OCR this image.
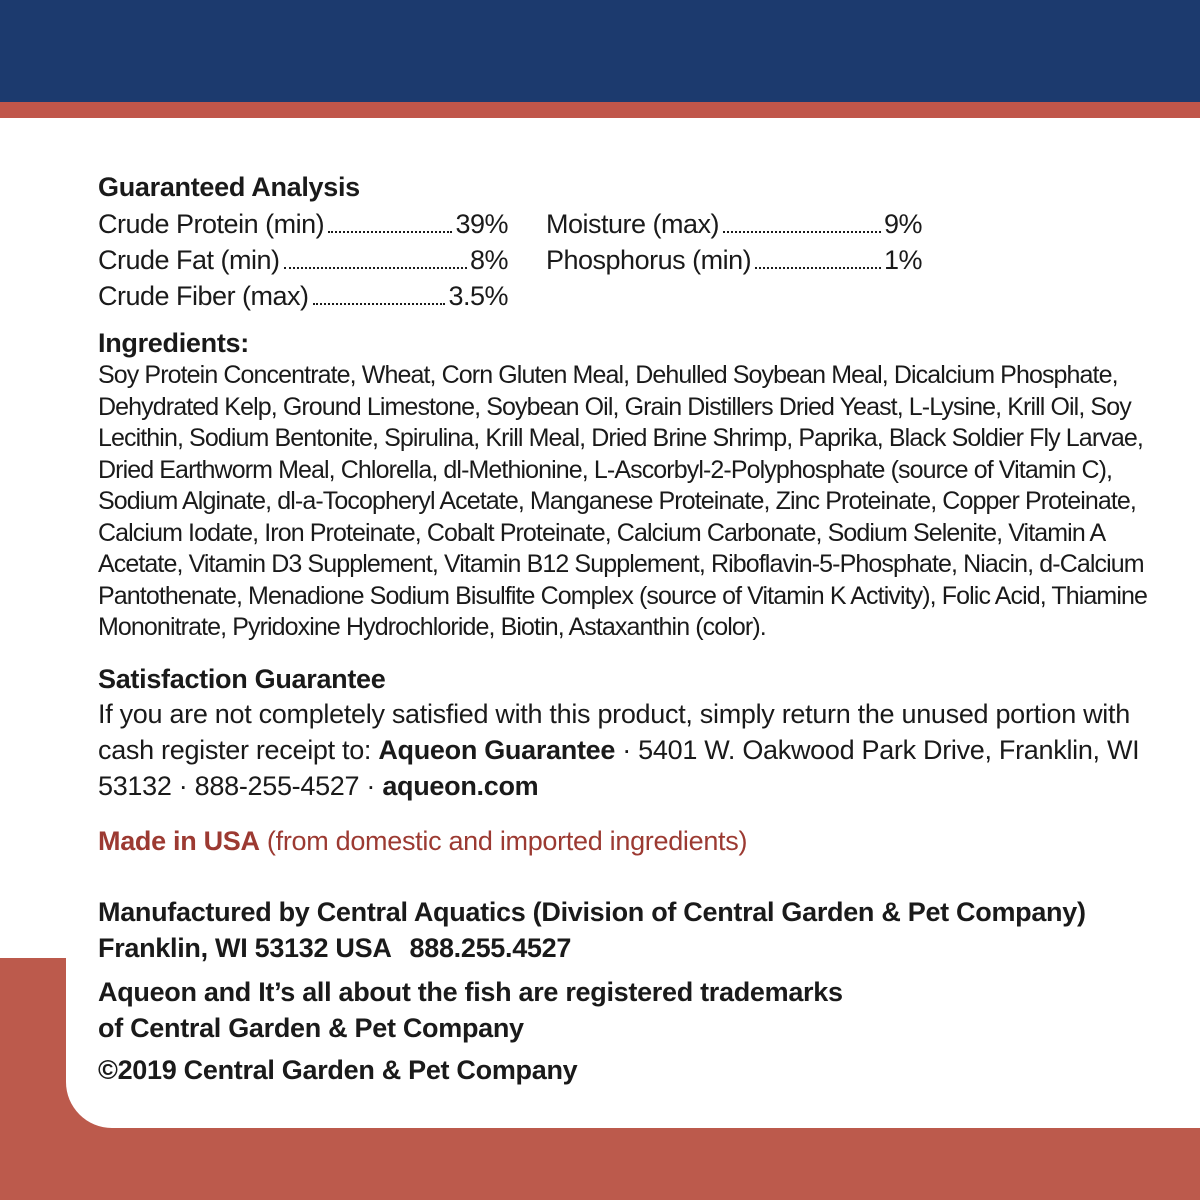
Guaranteed Analysis
Crude Protein (min)	39%
Crude Fat (min)	8%
Crude Fiber (max)	3.5%
Moisture (max)	9%
Phosphorus (min)	1%
Ingredients:

Soy Protein Concentrate, Wheat, Corn Gluten Meal, Dehulled Soybean Meal, Dicalcium Phosphate, Dehydrated Kelp, Ground Limestone, Soybean Oil, Grain Distillers Dried Yeast, L-Lysine, Krill Oil, Soy Lecithin, Sodium Bentonite, Spirulina, Krill Meal, Dried Brine Shrimp, Paprika, Black Soldier Fly Larvae, Dried Earthworm Meal, Chlorella, dl-Methionine, L-Ascorbyl-2-Polyphosphate (source of Vitamin C), Sodium Alginate, dl-a-Tocopheryl Acetate, Manganese Proteinate, Zinc Proteinate, Copper Proteinate, Calcium Iodate, Iron Proteinate, Cobalt Proteinate, Calcium Carbonate, Sodium Selenite, Vitamin A Acetate, Vitamin D3 Supplement, Vitamin B12 Supplement, Riboflavin-5-Phosphate, Niacin, d-Calcium Pantothenate, Menadione Sodium Bisulfite Complex (source of Vitamin K Activity), Folic Acid, Thiamine Mononitrate, Pyridoxine Hydrochloride, Biotin, Astaxanthin (color).

Satisfaction Guarantee

If you are not completely satisfied with this product, simply return the unused portion with cash register receipt to: Aqueon Guarantee · 5401 W. Oakwood Park Drive, Franklin, WI 53132 · 888-255-4527 · aqueon.com

Made in USA (from domestic and imported ingredients)
Manufactured by Central Aquatics (Division of Central Garden & Pet Company)
Franklin, WI 53132 USA 888.255.4527
Aqueon and It’s all about the fish are registered trademarks
of Central Garden & Pet Company
©2019 Central Garden & Pet Company
